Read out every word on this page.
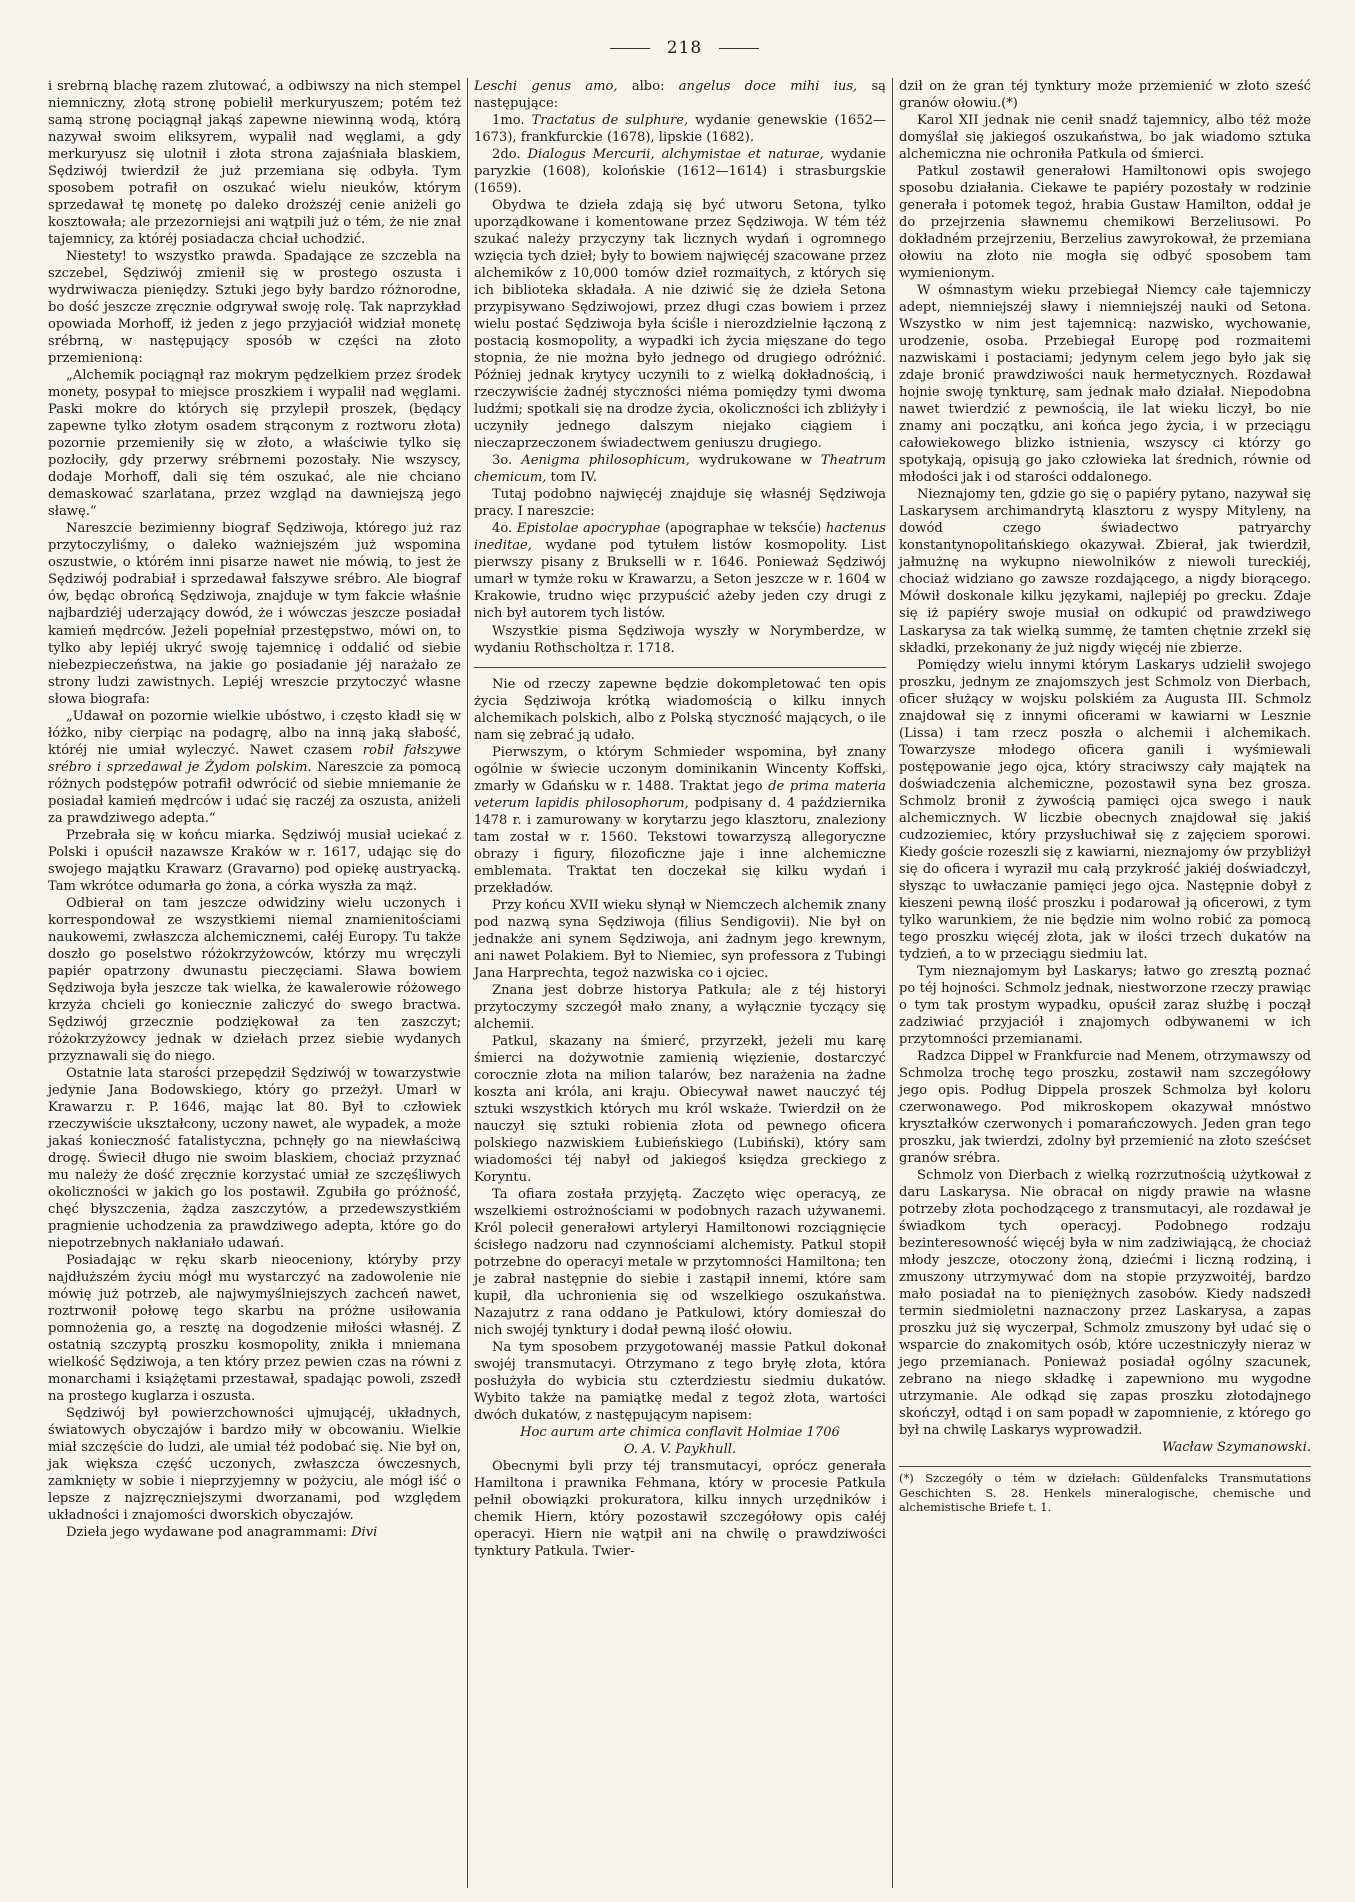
218

i srebrną blachę razem zlutować, a odbiwszy na nich stempel niemniczny, złotą stronę pobielił merkuryuszem; potém też samą stronę pociągnął jakąś zapewne niewinną wodą, którą nazywał swoim eliksyrem, wypalił nad węglami, a gdy merkuryusz się ulotnił i złota strona zajaśniała blaskiem, Sędziwój twierdził że już przemiana się odbyła. Tym sposobem potrafił on oszukać wielu nieuków, którym sprzedawał tę monetę po daleko droższéj cenie aniżeli go kosztowała; ale przezorniejsi ani wątpili już o tém, że nie znał tajemnicy, za któréj posiadacza chciał uchodzić.

Niestety! to wszystko prawda. Spadające ze szczebla na szczebel, Sędziwój zmienił się w prostego oszusta i wydrwiwacza pieniędzy. Sztuki jego były bardzo różnorodne, bo dość jeszcze zręcznie odgrywał swoję rolę. Tak naprzykład opowiada Morhoff, iż jeden z jego przyjaciół widział monetę srébrną, w następujący sposób w części na złoto przemienioną:

„Alchemik pociągnął raz mokrym pędzelkiem przez środek monety, posypał to miejsce proszkiem i wypalił nad węglami. Paski mokre do których się przylepił proszek, (będący zapewne tylko złotym osadem strąconym z roztworu złota) pozornie przemieniły się w złoto, a właściwie tylko się pozłociły, gdy przerwy srébrnemi pozostały. Nie wszyscy, dodaje Morhoff, dali się tém oszukać, ale nie chciano demaskować szarlatana, przez wzgląd na dawniejszą jego sławę.“

Nareszcie bezimienny biograf Sędziwoja, którego już raz przytoczyliśmy, o daleko ważniejszém już wspomina oszustwie, o którém inni pisarze nawet nie mówią, to jest że Sędziwój podrabiał i sprzedawał fałszywe srébro. Ale biograf ów, będąc obrońcą Sędziwoja, znajduje w tym fakcie właśnie najbardziéj uderzający dowód, że i wówczas jeszcze posiadał kamień mędrców. Jeżeli popełniał przestępstwo, mówi on, to tylko aby lepiéj ukryć swoję tajemnicę i oddalić od siebie niebezpieczeństwa, na jakie go posiadanie jéj narażało ze strony ludzi zawistnych. Lepiéj wreszcie przytoczyć własne słowa biografa:

„Udawał on pozornie wielkie ubóstwo, i często kładł się w łóżko, niby cierpiąc na podagrę, albo na inną jaką słabość, któréj nie umiał wyleczyć. Nawet czasem robił fałszywe srébro i sprzedawał je Żydom polskim. Nareszcie za pomocą różnych podstępów potrafił odwrócić od siebie mniemanie że posiadał kamień mędrców i udać się raczéj za oszusta, aniżeli za prawdziwego adepta.“

Przebrała się w końcu miarka. Sędziwój musiał uciekać z Polski i opuścił nazawsze Kraków w r. 1617, udając się do swojego majątku Krawarz (Gravarno) pod opiekę austryacką. Tam wkrótce odumarła go żona, a córka wyszła za mąż.

Odbierał on tam jeszcze odwidziny wielu uczonych i korrespondował ze wszystkiemi niemal znamienitościami naukowemi, zwłaszcza alchemicznemi, całéj Europy. Tu także doszło go poselstwo różokrzyżowców, którzy mu wręczyli papiér opatrzony dwunastu pieczęciami. Sława bowiem Sędziwoja była jeszcze tak wielka, że kawalerowie różowego krzyża chcieli go koniecznie zaliczyć do swego bractwa. Sędziwój grzecznie podziękował za ten zaszczyt; różokrzyżowcy jednak w dziełach przez siebie wydanych przyznawali się do niego.

Ostatnie lata starości przepędził Sędziwój w towarzystwie jedynie Jana Bodowskiego, który go przeżył. Umarł w Krawarzu r. P. 1646, mając lat 80. Był to człowiek rzeczywiście ukształcony, uczony nawet, ale wypadek, a może jakaś konieczność fatalistyczna, pchnęły go na niewłaściwą drogę. Świecił długo nie swoim blaskiem, chociaż przyznać mu należy że dość zręcznie korzystać umiał ze szczęśliwych okoliczności w jakich go los postawił. Zgubiła go próżność, chęć błyszczenia, żądza zaszczytów, a przedewszystkiém pragnienie uchodzenia za prawdziwego adepta, które go do niepotrzebnych nakłaniało udawań.

Posiadając w ręku skarb nieoceniony, któryby przy najdłuższém życiu mógł mu wystarczyć na zadowolenie nie mówię już potrzeb, ale najwymyślniejszych zachceń nawet, roztrwonił połowę tego skarbu na próżne usiłowania pomnożenia go, a resztę na dogodzenie miłości własnéj. Z ostatnią szczyptą proszku kosmopolity, znikła i mniemana wielkość Sędziwoja, a ten który przez pewien czas na równi z monarchami i książętami przestawał, spadając powoli, zszedł na prostego kuglarza i oszusta.

Sędziwój był powierzchowności ujmującéj, układnych, światowych obyczajów i bardzo miły w obcowaniu. Wielkie miał szczęście do ludzi, ale umiał téż podobać się. Nie był on, jak większa część uczonych, zwłaszcza ówczesnych, zamknięty w sobie i nieprzyjemny w pożyciu, ale mógł iść o lepsze z najzręczniejszymi dworzanami, pod względem układności i znajomości dworskich obyczajów.

Dzieła jego wydawane pod anagrammami: Divi

Leschi genus amo, albo: angelus doce mihi ius, są następujące:

1mo. Tractatus de sulphure, wydanie genewskie (1652—1673), frankfurckie (1678), lipskie (1682).

2do. Dialogus Mercurii, alchymistae et naturae, wydanie paryzkie (1608), kolońskie (1612—1614) i strasburgskie (1659).

Obydwa te dzieła zdają się być utworu Setona, tylko uporządkowane i komentowane przez Sędziwoja. W tém téż szukać należy przyczyny tak licznych wydań i ogromnego wzięcia tych dzieł; były to bowiem najwięcéj szacowane przez alchemików z 10,000 tomów dzieł rozmaitych, z których się ich biblioteka składała. A nie dziwić się że dzieła Setona przypisywano Sędziwojowi, przez długi czas bowiem i przez wielu postać Sędziwoja była ściśle i nierozdzielnie łączoną z postacią kosmopolity, a wypadki ich życia mięszane do tego stopnia, że nie można było jednego od drugiego odróżnić. Później jednak krytycy uczynili to z wielką dokładnością, i rzeczywiście żadnéj styczności niéma pomiędzy tymi dwoma ludźmi; spotkali się na drodze życia, okoliczności ich zbliżyły i uczyniły jednego dalszym niejako ciągiem i nieczaprzeczonem świadectwem geniuszu drugiego.

3o. Aenigma philosophicum, wydrukowane w Theatrum chemicum, tom IV.

Tutaj podobno najwięcéj znajduje się własnéj Sędziwoja pracy. I nareszcie:

4o. Epistolae apocryphae (apographae w teksćie) hactenus ineditae, wydane pod tytułem listów kosmopolity. List pierwszy pisany z Brukselli w r. 1646. Ponieważ Sędziwój umarł w tymże roku w Krawarzu, a Seton jeszcze w r. 1604 w Krakowie, trudno więc przypuścić ażeby jeden czy drugi z nich był autorem tych listów.

Wszystkie pisma Sędziwoja wyszły w Norymberdze, w wydaniu Rothscholtza r. 1718.

Nie od rzeczy zapewne będzie dokompletować ten opis życia Sędziwoja krótką wiadomością o kilku innych alchemikach polskich, albo z Polską styczność mających, o ile nam się zebrać ją udało.

Pierwszym, o którym Schmieder wspomina, był znany ogólnie w świecie uczonym dominikanin Wincenty Koffski, zmarły w Gdańsku w r. 1488. Traktat jego de prima materia veterum lapidis philosophorum, podpisany d. 4 października 1478 r. i zamurowany w korytarzu jego klasztoru, znaleziony tam został w r. 1560. Tekstowi towarzyszą allegoryczne obrazy i figury, filozoficzne jaje i inne alchemiczne emblemata. Traktat ten doczekał się kilku wydań i przekładów.

Przy końcu XVII wieku słynął w Niemczech alchemik znany pod nazwą syna Sędziwoja (filius Sendigovii). Nie był on jednakże ani synem Sędziwoja, ani żadnym jego krewnym, ani nawet Polakiem. Był to Niemiec, syn professora z Tubingi Jana Harprechta, tegoż nazwiska co i ojciec.

Znana jest dobrze historya Patkula; ale z téj historyi przytoczymy szczegół mało znany, a wyłącznie tyczący się alchemii.

Patkul, skazany na śmierć, przyrzekł, jeżeli mu karę śmierci na dożywotnie zamienią więzienie, dostarczyć corocznie złota na milion talarów, bez narażenia na żadne koszta ani króla, ani kraju. Obiecywał nawet nauczyć téj sztuki wszystkich których mu król wskaże. Twierdził on że nauczył się sztuki robienia złota od pewnego oficera polskiego nazwiskiem Łubieńskiego (Lubiński), który sam wiadomości téj nabył od jakiegoś księdza greckiego z Koryntu.

Ta ofiara została przyjętą. Zaczęto więc operacyą, ze wszelkiemi ostrożnościami w podobnych razach używanemi. Król polecił generałowi artyleryi Hamiltonowi rozciągnięcie ścisłego nadzoru nad czynnościami alchemisty. Patkul stopił potrzebne do operacyi metale w przytomności Hamiltona; ten je zabrał następnie do siebie i zastąpił innemi, które sam kupił, dla uchronienia się od wszelkiego oszukaństwa. Nazajutrz z rana oddano je Patkulowi, który domieszał do nich swojéj tynktury i dodał pewną ilość ołowiu.

Na tym sposobem przygotowanéj massie Patkul dokonał swojéj transmutacyi. Otrzymano z tego bryłę złota, która posłużyła do wybicia stu czterdziestu siedmiu dukatów. Wybito także na pamiątkę medal z tegoż złota, wartości dwóch dukatów, z następującym napisem:

Hoc aurum arte chimica conflavit Holmiae 1706

O. A. V. Paykhull.

Obecnymi byli przy téj transmutacyi, oprócz generała Hamiltona i prawnika Fehmana, który w procesie Patkula pełnił obowiązki prokuratora, kilku innych urzędników i chemik Hiern, który pozostawił szczegółowy opis całéj operacyi. Hiern nie wątpił ani na chwilę o prawdziwości tynktury Patkula. Twier-

dził on że gran téj tynktury może przemienić w złoto sześć granów ołowiu.(*)

Karol XII jednak nie cenił snadź tajemnicy, albo téż może domyślał się jakiegoś oszukaństwa, bo jak wiadomo sztuka alchemiczna nie ochroniła Patkula od śmierci.

Patkul zostawił generałowi Hamiltonowi opis swojego sposobu działania. Ciekawe te papiéry pozostały w rodzinie generała i potomek tegoż, hrabia Gustaw Hamilton, oddał je do przejrzenia sławnemu chemikowi Berzeliusowi. Po dokładném przejrzeniu, Berzelius zawyrokował, że przemiana ołowiu na złoto nie mogła się odbyć sposobem tam wymienionym.

W ośmnastym wieku przebiegał Niemcy całe tajemniczy adept, niemniejszéj sławy i niemniejszéj nauki od Setona. Wszystko w nim jest tajemnicą: nazwisko, wychowanie, urodzenie, osoba. Przebiegał Europę pod rozmaitemi nazwiskami i postaciami; jedynym celem jego było jak się zdaje bronić prawdziwości nauk hermetycznych. Rozdawał hojnie swoję tynkturę, sam jednak mało działał. Niepodobna nawet twierdzić z pewnością, ile lat wieku liczył, bo nie znamy ani początku, ani końca jego życia, i w przeciągu całowiekowego blizko istnienia, wszyscy ci którzy go spotykają, opisują go jako człowieka lat średnich, równie od młodości jak i od starości oddalonego.

Nieznajomy ten, gdzie go się o papiéry pytano, nazywał się Laskarysem archimandrytą klasztoru z wyspy Mityleny, na dowód czego świadectwo patryarchy konstantynopolitańskiego okazywał. Zbierał, jak twierdził, jałmużnę na wykupno niewolników z niewoli tureckiéj, chociaż widziano go zawsze rozdającego, a nigdy biorącego. Mówił doskonale kilku językami, najlepiéj po grecku. Zdaje się iż papiéry swoje musiał on odkupić od prawdziwego Laskarysa za tak wielką summę, że tamten chętnie zrzekł się składki, przekonany że już nigdy więcéj nie zbierze.

Pomiędzy wielu innymi którym Laskarys udzielił swojego proszku, jednym ze znajomszych jest Schmolz von Dierbach, oficer służący w wojsku polskiém za Augusta III. Schmolz znajdował się z innymi oficerami w kawiarni w Lesznie (Lissa) i tam rzecz poszła o alchemii i alchemikach. Towarzysze młodego oficera ganili i wyśmiewali postępowanie jego ojca, który straciwszy cały majątek na doświadczenia alchemiczne, pozostawił syna bez grosza. Schmolz bronił z żywością pamięci ojca swego i nauk alchemicznych. W liczbie obecnych znajdował się jakiś cudzoziemiec, który przysłuchiwał się z zajęciem sporowi. Kiedy goście rozeszli się z kawiarni, nieznajomy ów przybliżył się do oficera i wyraził mu całą przykrość jakiéj doświadczył, słysząc to uwłaczanie pamięci jego ojca. Następnie dobył z kieszeni pewną ilość proszku i podarował ją oficerowi, z tym tylko warunkiem, że nie będzie nim wolno robić za pomocą tego proszku więcéj złota, jak w ilości trzech dukatów na tydzień, a to w przeciągu siedmiu lat.

Tym nieznajomym był Laskarys; łatwo go zresztą poznać po téj hojności. Schmolz jednak, niestworzone rzeczy prawiąc o tym tak prostym wypadku, opuścił zaraz służbę i począł zadziwiać przyjaciół i znajomych odbywanemi w ich przytomności przemianami.

Radzca Dippel w Frankfurcie nad Menem, otrzymawszy od Schmolza trochę tego proszku, zostawił nam szczegółowy jego opis. Podług Dippela proszek Schmolza był koloru czerwonawego. Pod mikroskopem okazywał mnóstwo kryształków czerwonych i pomarańczowych. Jeden gran tego proszku, jak twierdzi, zdolny był przemienić na złoto sześćset granów srébra.

Schmolz von Dierbach z wielką rozrzutnością użytkował z daru Laskarysa. Nie obracał on nigdy prawie na własne potrzeby złota pochodzącego z transmutacyi, ale rozdawał je świadkom tych operacyj. Podobnego rodzaju bezinteresowność więcéj była w nim zadziwiającą, że chociaż młody jeszcze, otoczony żoną, dziećmi i liczną rodziną, i zmuszony utrzymywać dom na stopie przyzwoitéj, bardzo mało posiadał na to pieniężnych zasobów. Kiedy nadszedł termin siedmioletni naznaczony przez Laskarysa, a zapas proszku już się wyczerpał, Schmolz zmuszony był udać się o wsparcie do znakomitych osób, które uczestniczyły nieraz w jego przemianach. Ponieważ posiadał ogólny szacunek, zebrano na niego składkę i zapewniono mu wygodne utrzymanie. Ale odkąd się zapas proszku złotodajnego skończył, odtąd i on sam popadł w zapomnienie, z którego go był na chwilę Laskarys wyprowadził.

Wacław Szymanowski.

(*) Szczegóły o tém w dziełach: Güldenfalcks Transmutations Geschichten S. 28. Henkels mineralogische, chemische und alchemistische Briefe t. 1.
